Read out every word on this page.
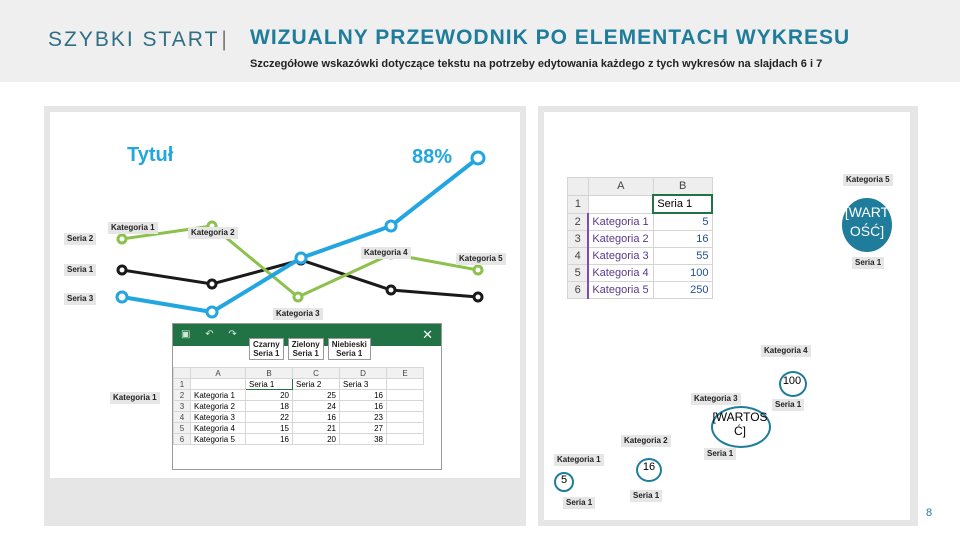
SZYBKI START| WIZUALNY PRZEWODNIK PO ELEMENTACH WYKRESU
Szczegółowe wskazówki dotyczące tekstu na potrzeby edytowania każdego z tych wykresów na slajdach 6 i 7
Tytuł	88%
Kategoria 1
Kategoria 2
Kategoria 3
Kategoria 4
Kategoria 5
Seria 2
Seria 1
Seria 3
Kategoria 1
▣ ↶ ↷	✕
Czarny
Seria 1
Zielony
Seria 1
Niebieski
Seria 1
	A	B	C	D	E
1		Seria 1	Seria 2	Seria 3	
2	Kategoria 1	20	25	16	
3	Kategoria 2	18	24	16	
4	Kategoria 3	22	16	23	
5	Kategoria 4	15	21	27	
6	Kategoria 5	16	20	38	
	A	B
1		Seria 1
2	Kategoria 1	5
3	Kategoria 2	16
4	Kategoria 3	55
5	Kategoria 4	100
6	Kategoria 5	250
[WART
OŚĆ]
100
[WARTOS
Ć]
16
5
Kategoria 5
Seria 1
Kategoria 4
Kategoria 3
Seria 1
Kategoria 2
Seria 1
Kategoria 1
Seria 1
Seria 1
8
